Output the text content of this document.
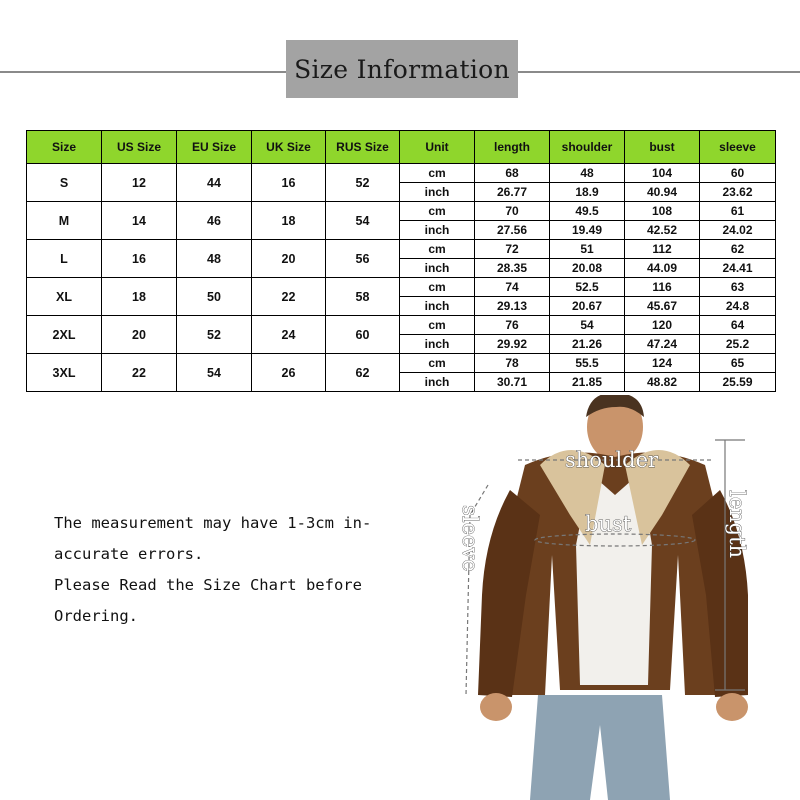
Size Information
Size	US Size	EU Size	UK Size	RUS Size	Unit	length	shoulder	bust	sleeve
S	12	44	16	52	cm	68	48	104	60
					inch	26.77	18.9	40.94	23.62
M	14	46	18	54	cm	70	49.5	108	61
					inch	27.56	19.49	42.52	24.02
L	16	48	20	56	cm	72	51	112	62
					inch	28.35	20.08	44.09	24.41
XL	18	50	22	58	cm	74	52.5	116	63
					inch	29.13	20.67	45.67	24.8
2XL	20	52	24	60	cm	76	54	120	64
					inch	29.92	21.26	47.24	25.2
3XL	22	54	26	62	cm	78	55.5	124	65
					inch	30.71	21.85	48.82	25.59
The measurement may have 1-3cm in-
accurate errors.
Please Read the Size Chart before
Ordering.
shoulder
bust
sleeve	length
